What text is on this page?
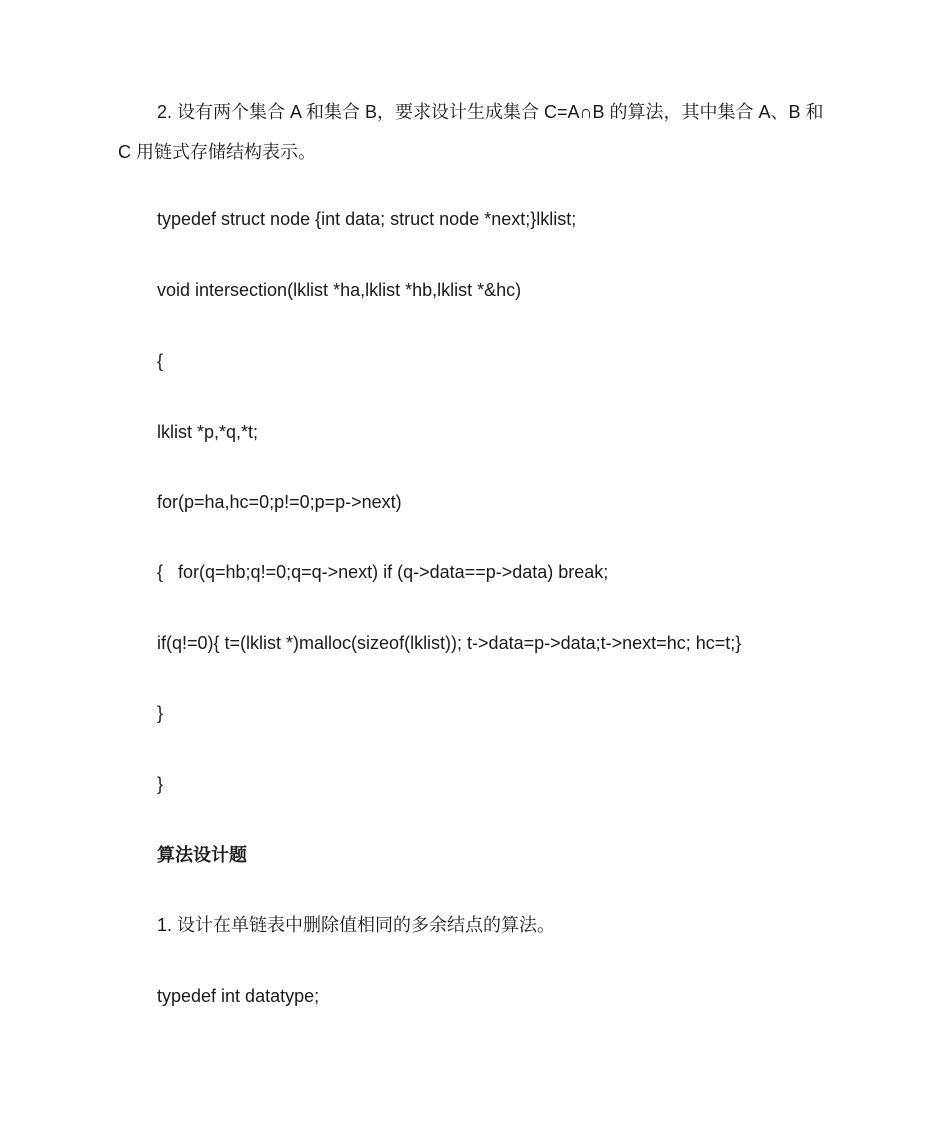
2. 设有两个集合 A 和集合 B，要求设计生成集合 C=A∩B 的算法，其中集合 A、B 和 C 用链式存储结构表示。
typedef struct node {int data; struct node *next;}lklist;
void intersection(lklist *ha,lklist *hb,lklist *&hc)
{
lklist *p,*q,*t;
for(p=ha,hc=0;p!=0;p=p->next)
{   for(q=hb;q!=0;q=q->next) if (q->data==p->data) break;
if(q!=0){ t=(lklist *)malloc(sizeof(lklist)); t->data=p->data;t->next=hc; hc=t;}
}
}
算法设计题
1. 设计在单链表中删除值相同的多余结点的算法。
typedef int datatype;
